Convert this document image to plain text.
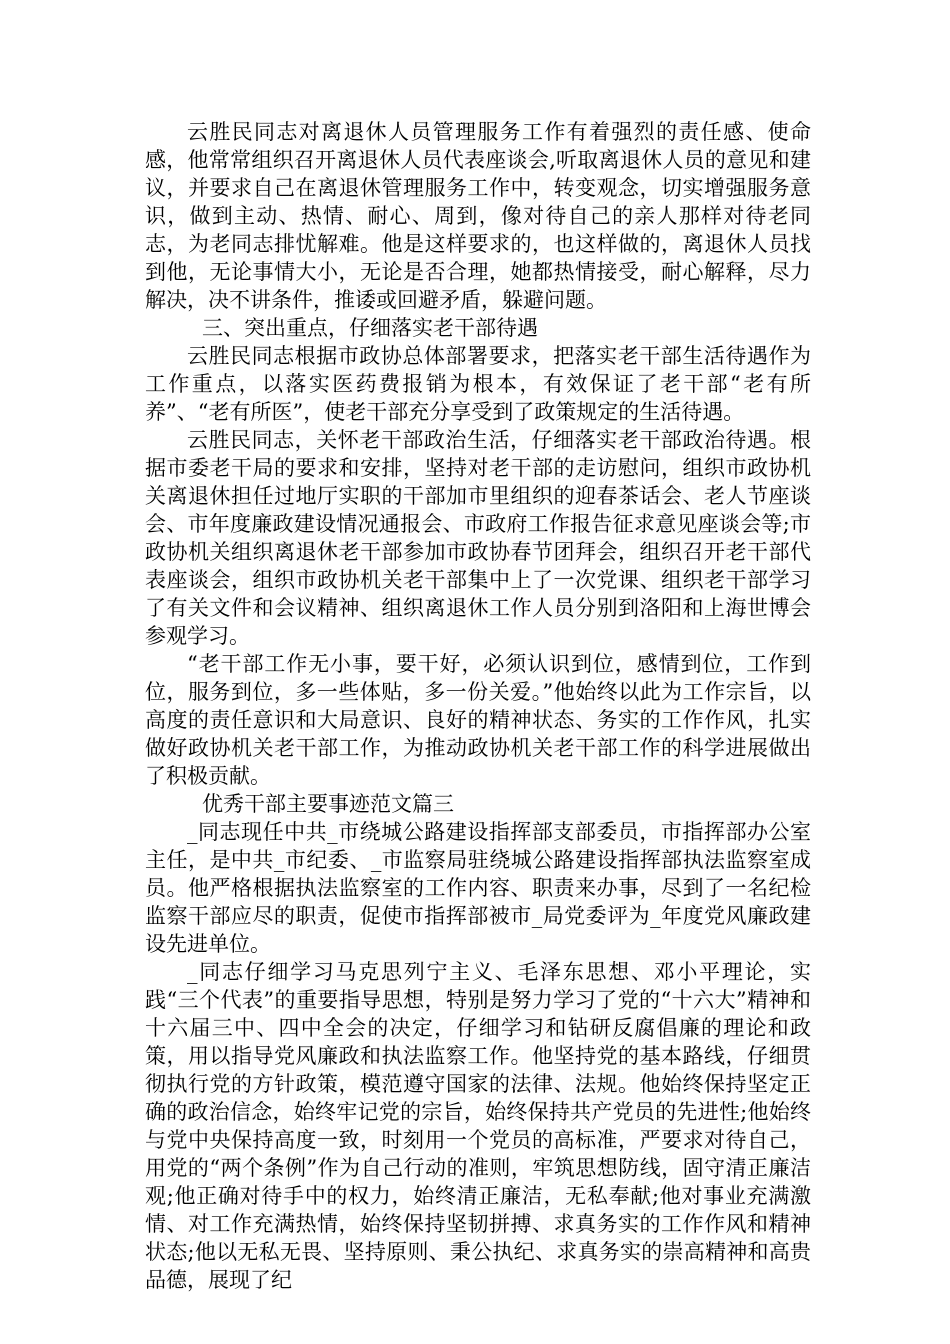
云胜民同志对离退休人员管理服务工作有着强烈的责任感、使命感，他常常组织召开离退休人员代表座谈会,听取离退休人员的意见和建议，并要求自己在离退休管理服务工作中，转变观念，切实增强服务意识，做到主动、热情、耐心、周到，像对待自己的亲人那样对待老同志，为老同志排忧解难。他是这样要求的，也这样做的，离退休人员找到他，无论事情大小，无论是否合理，她都热情接受，耐心解释，尽力解决，决不讲条件，推诿或回避矛盾，躲避问题。

三、突出重点，仔细落实老干部待遇

云胜民同志根据市政协总体部署要求，把落实老干部生活待遇作为工作重点，以落实医药费报销为根本，有效保证了老干部“老有所养”、“老有所医”，使老干部充分享受到了政策规定的生活待遇。

云胜民同志，关怀老干部政治生活，仔细落实老干部政治待遇。根据市委老干局的要求和安排，坚持对老干部的走访慰问，组织市政协机关离退休担任过地厅实职的干部加市里组织的迎春茶话会、老人节座谈会、市年度廉政建设情况通报会、市政府工作报告征求意见座谈会等;市政协机关组织离退休老干部参加市政协春节团拜会，组织召开老干部代表座谈会，组织市政协机关老干部集中上了一次党课、组织老干部学习了有关文件和会议精神、组织离退休工作人员分别到洛阳和上海世博会参观学习。

“老干部工作无小事，要干好，必须认识到位，感情到位，工作到位，服务到位，多一些体贴，多一份关爱。”他始终以此为工作宗旨，以高度的责任意识和大局意识、良好的精神状态、务实的工作作风，扎实做好政协机关老干部工作，为推动政协机关老干部工作的科学进展做出了积极贡献。

优秀干部主要事迹范文篇三

_同志现任中共_市绕城公路建设指挥部支部委员，市指挥部办公室主任，是中共_市纪委、_市监察局驻绕城公路建设指挥部执法监察室成员。他严格根据执法监察室的工作内容、职责来办事，尽到了一名纪检监察干部应尽的职责，促使市指挥部被市_局党委评为_年度党风廉政建设先进单位。

_同志仔细学习马克思列宁主义、毛泽东思想、邓小平理论，实践“三个代表”的重要指导思想，特别是努力学习了党的“十六大”精神和十六届三中、四中全会的决定，仔细学习和钻研反腐倡廉的理论和政策，用以指导党风廉政和执法监察工作。他坚持党的基本路线，仔细贯彻执行党的方针政策，模范遵守国家的法律、法规。他始终保持坚定正确的政治信念，始终牢记党的宗旨，始终保持共产党员的先进性;他始终与党中央保持高度一致，时刻用一个党员的高标准，严要求对待自己，用党的“两个条例”作为自己行动的准则，牢筑思想防线，固守清正廉洁观;他正确对待手中的权力，始终清正廉洁，无私奉献;他对事业充满激情、对工作充满热情，始终保持坚韧拼搏、求真务实的工作作风和精神状态;他以无私无畏、坚持原则、秉公执纪、求真务实的崇高精神和高贵品德，展现了纪
